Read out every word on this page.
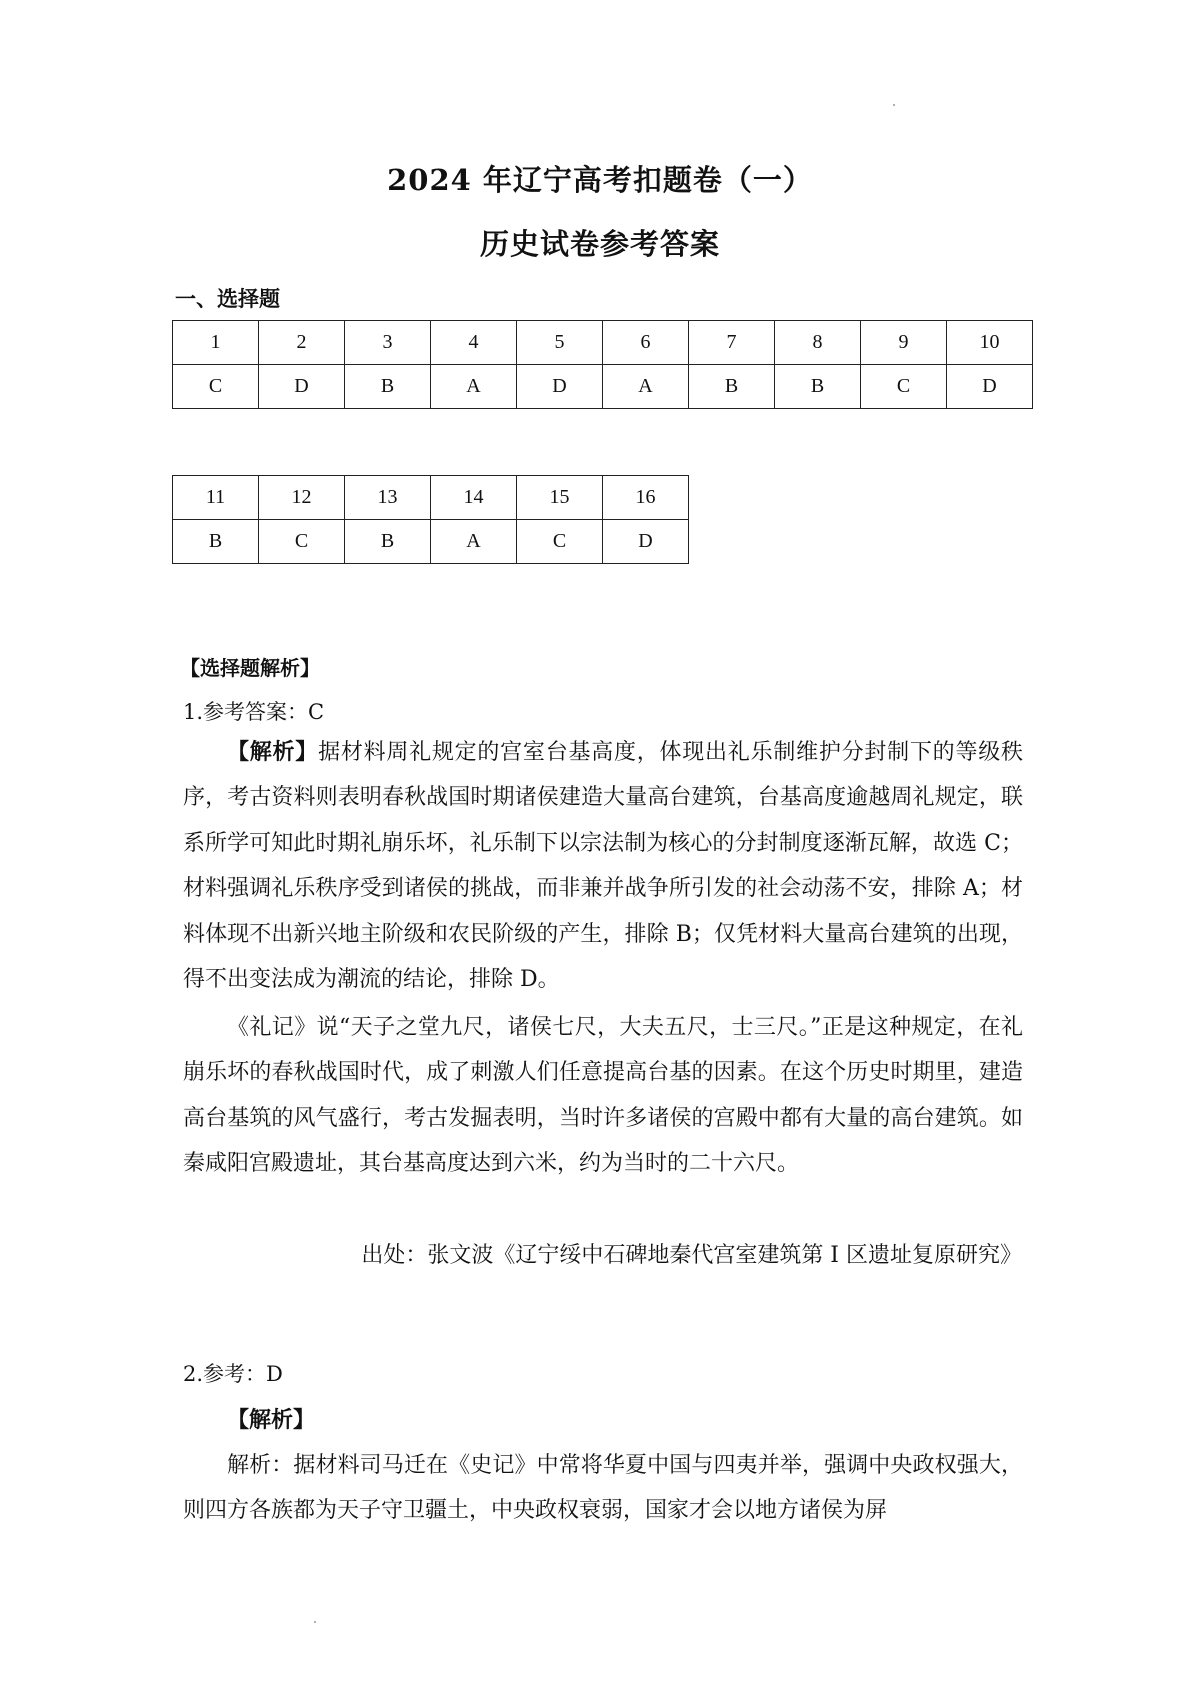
2024 年辽宁高考扣题卷（一）
历史试卷参考答案
一、选择题
1	2	3	4	5	6	7	8	9	10
C	D	B	A	D	A	B	B	C	D
11	12	13	14	15	16
B	C	B	A	C	D
【选择题解析】
1.参考答案：C
【解析】据材料周礼规定的宫室台基高度，体现出礼乐制维护分封制下的等级秩序，考古资料则表明春秋战国时期诸侯建造大量高台建筑，台基高度逾越周礼规定，联系所学可知此时期礼崩乐坏，礼乐制下以宗法制为核心的分封制度逐渐瓦解，故选 C；材料强调礼乐秩序受到诸侯的挑战，而非兼并战争所引发的社会动荡不安，排除 A；材料体现不出新兴地主阶级和农民阶级的产生，排除 B；仅凭材料大量高台建筑的出现，得不出变法成为潮流的结论，排除 D。
《礼记》说“天子之堂九尺，诸侯七尺，大夫五尺，士三尺。”正是这种规定，在礼崩乐坏的春秋战国时代，成了刺激人们任意提高台基的因素。在这个历史时期里，建造高台基筑的风气盛行，考古发掘表明，当时许多诸侯的宫殿中都有大量的高台建筑。如秦咸阳宫殿遗址，其台基高度达到六米，约为当时的二十六尺。
出处：张文波《辽宁绥中石碑地秦代宫室建筑第 I 区遗址复原研究》
2.参考：D
【解析】
解析：据材料司马迁在《史记》中常将华夏中国与四夷并举，强调中央政权强大，则四方各族都为天子守卫疆土，中央政权衰弱，国家才会以地方诸侯为屏
